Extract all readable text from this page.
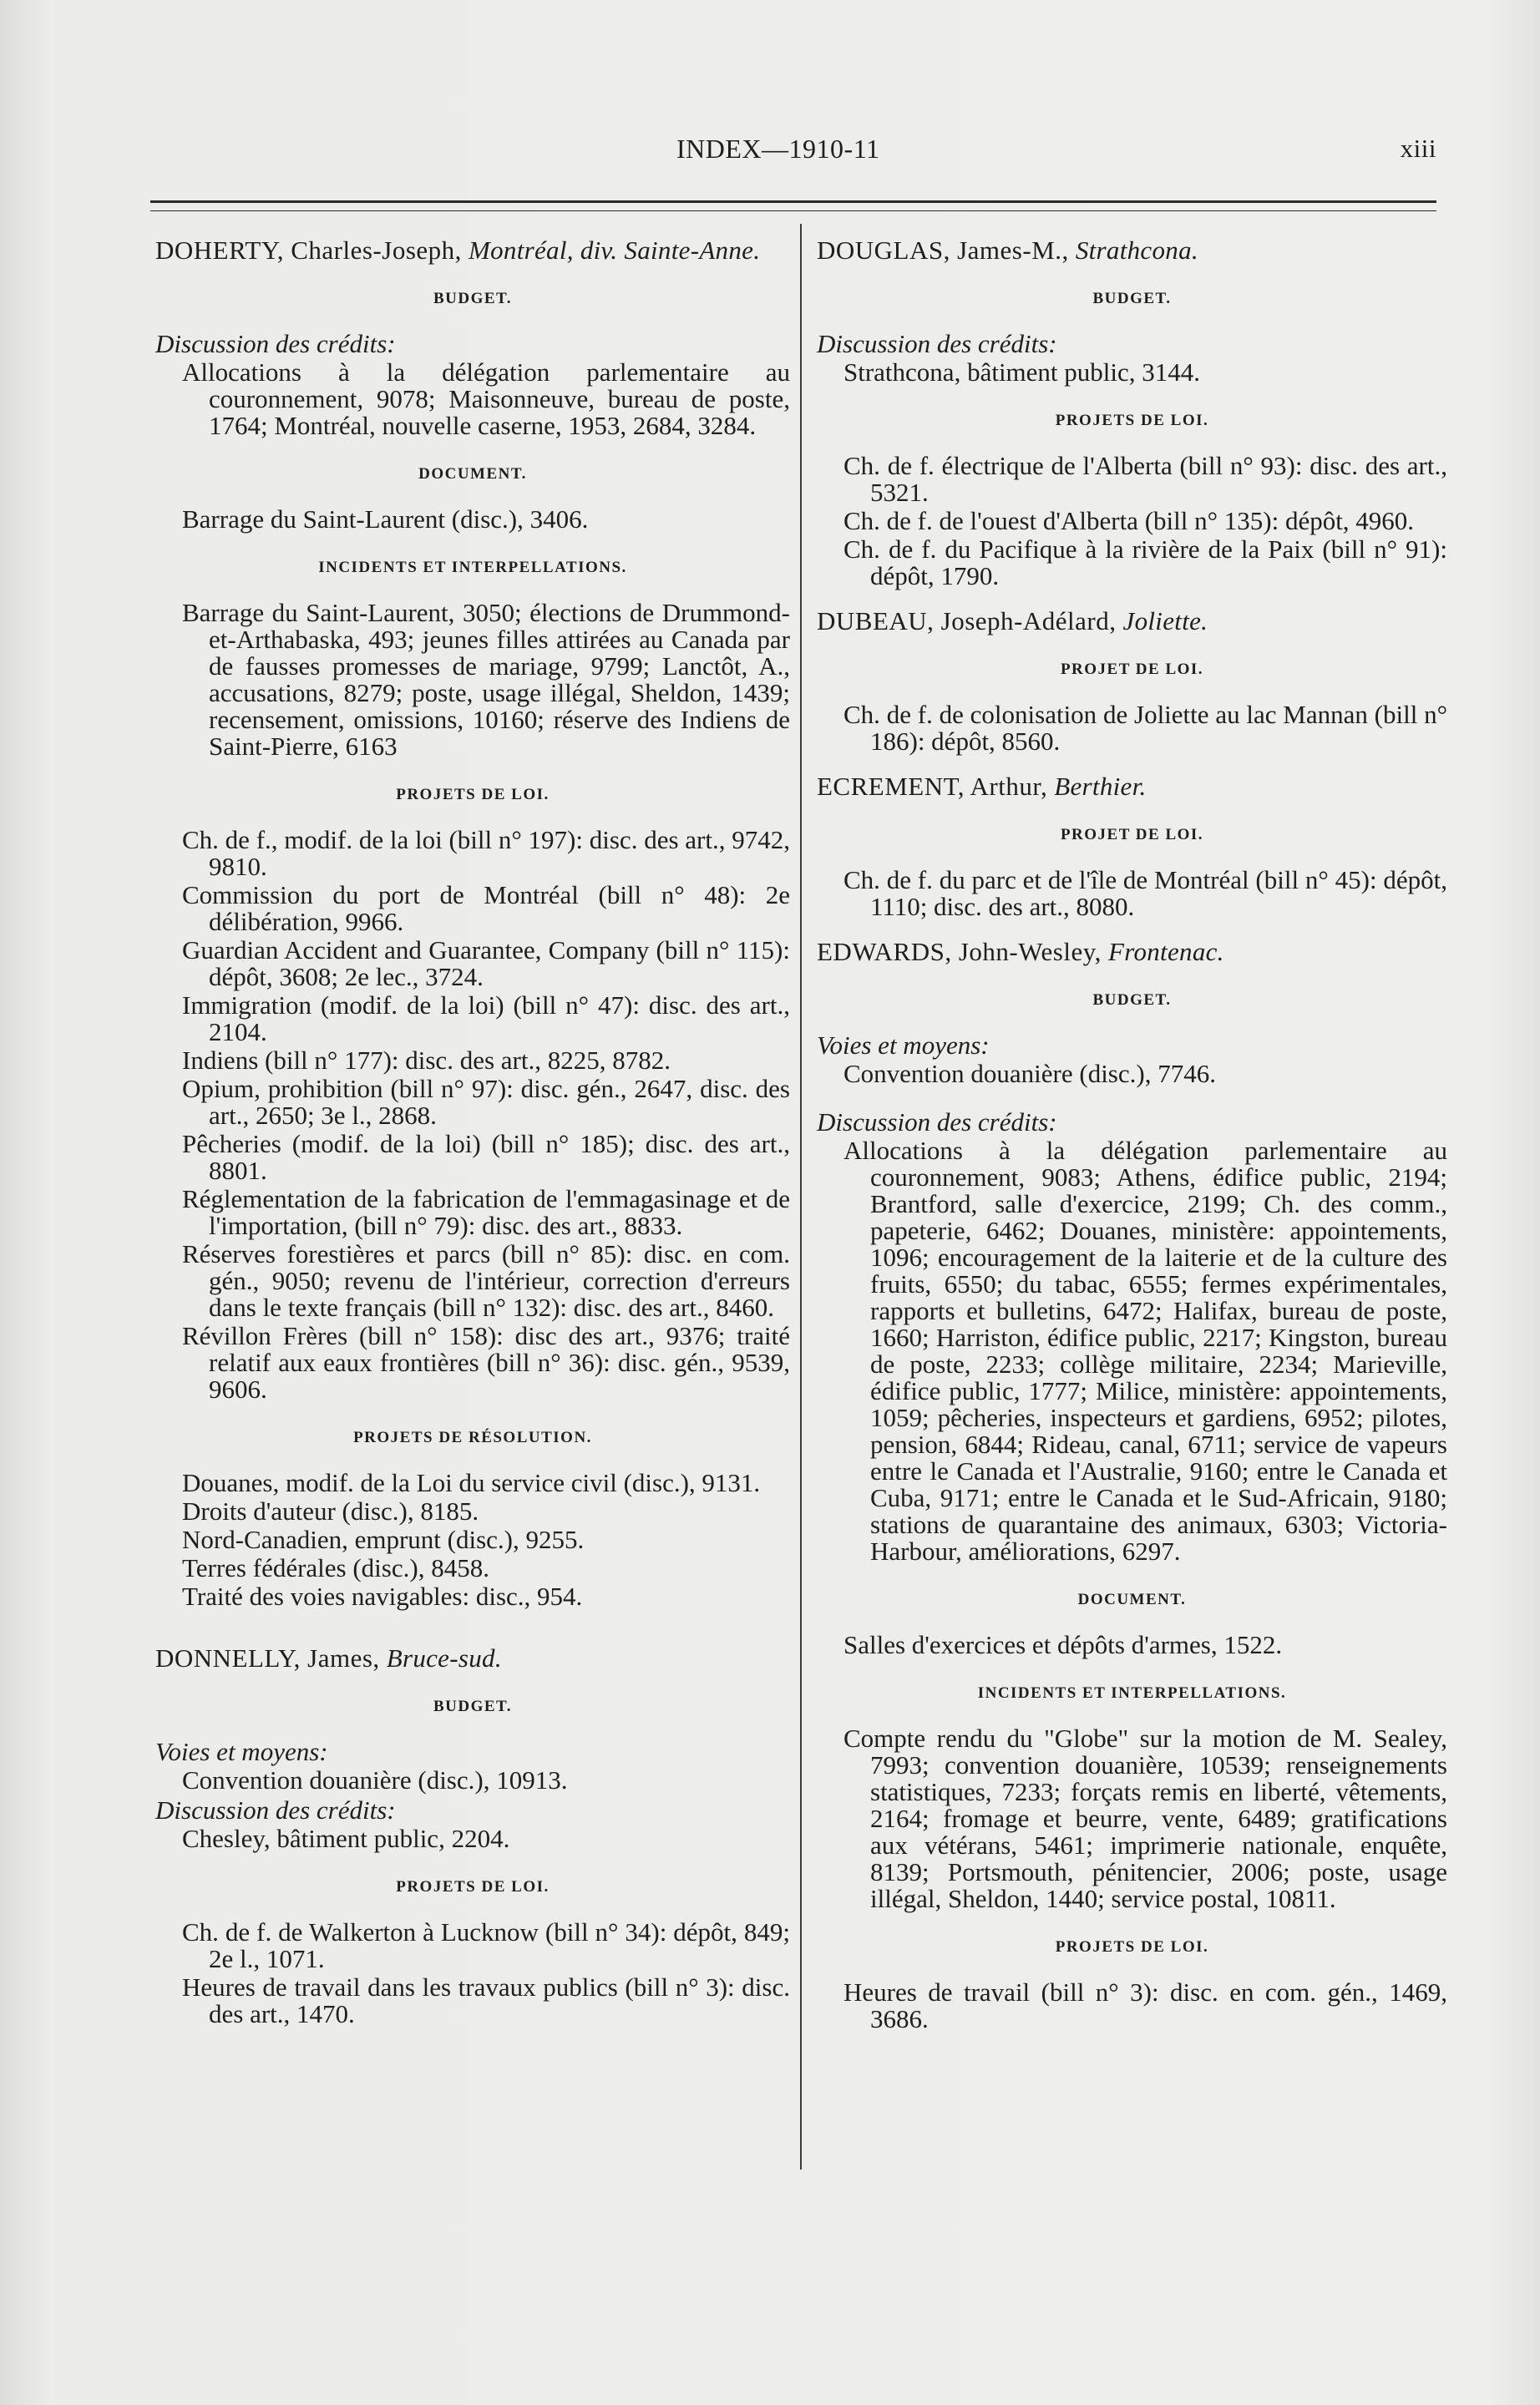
INDEX—1910-11	xiii
DOHERTY, Charles-Joseph, Montréal, div. Sainte-Anne.
BUDGET.
Discussion des crédits:
Allocations à la délégation parlementaire au couronnement, 9078; Maisonneuve, bureau de poste, 1764; Montréal, nouvelle caserne, 1953, 2684, 3284.
DOCUMENT.
Barrage du Saint-Laurent (disc.), 3406.
INCIDENTS ET INTERPELLATIONS.
Barrage du Saint-Laurent, 3050; élections de Drummond-et-Arthabaska, 493; jeunes filles attirées au Canada par de fausses promesses de mariage, 9799; Lanctôt, A., accusations, 8279; poste, usage illégal, Sheldon, 1439; recensement, omissions, 10160; réserve des Indiens de Saint-Pierre, 6163
PROJETS DE LOI.
Ch. de f., modif. de la loi (bill n° 197): disc. des art., 9742, 9810.
Commission du port de Montréal (bill n° 48): 2e délibération, 9966.
Guardian Accident and Guarantee, Company (bill n° 115): dépôt, 3608; 2e lec., 3724.
Immigration (modif. de la loi) (bill n° 47): disc. des art., 2104.
Indiens (bill n° 177): disc. des art., 8225, 8782.
Opium, prohibition (bill n° 97): disc. gén., 2647, disc. des art., 2650; 3e l., 2868.
Pêcheries (modif. de la loi) (bill n° 185); disc. des art., 8801.
Réglementation de la fabrication de l'emmagasinage et de l'importation, (bill n° 79): disc. des art., 8833.
Réserves forestières et parcs (bill n° 85): disc. en com. gén., 9050; revenu de l'intérieur, correction d'erreurs dans le texte français (bill n° 132): disc. des art., 8460.
Révillon Frères (bill n° 158): disc des art., 9376; traité relatif aux eaux frontières (bill n° 36): disc. gén., 9539, 9606.
PROJETS DE RÉSOLUTION.
Douanes, modif. de la Loi du service civil (disc.), 9131.
Droits d'auteur (disc.), 8185.
Nord-Canadien, emprunt (disc.), 9255.
Terres fédérales (disc.), 8458.
Traité des voies navigables: disc., 954.
DONNELLY, James, Bruce-sud.
BUDGET.
Voies et moyens:
Convention douanière (disc.), 10913.
Discussion des crédits:
Chesley, bâtiment public, 2204.
PROJETS DE LOI.
Ch. de f. de Walkerton à Lucknow (bill n° 34): dépôt, 849; 2e l., 1071.
Heures de travail dans les travaux publics (bill n° 3): disc. des art., 1470.
DOUGLAS, James-M., Strathcona.
BUDGET.
Discussion des crédits:
Strathcona, bâtiment public, 3144.
PROJETS DE LOI.
Ch. de f. électrique de l'Alberta (bill n° 93): disc. des art., 5321.
Ch. de f. de l'ouest d'Alberta (bill n° 135): dépôt, 4960.
Ch. de f. du Pacifique à la rivière de la Paix (bill n° 91): dépôt, 1790.
DUBEAU, Joseph-Adélard, Joliette.
PROJET DE LOI.
Ch. de f. de colonisation de Joliette au lac Mannan (bill n° 186): dépôt, 8560.
ECREMENT, Arthur, Berthier.
PROJET DE LOI.
Ch. de f. du parc et de l'île de Montréal (bill n° 45): dépôt, 1110; disc. des art., 8080.
EDWARDS, John-Wesley, Frontenac.
BUDGET.
Voies et moyens:
Convention douanière (disc.), 7746.
Discussion des crédits:
Allocations à la délégation parlementaire au couronnement, 9083; Athens, édifice public, 2194; Brantford, salle d'exercice, 2199; Ch. des comm., papeterie, 6462; Douanes, ministère: appointements, 1096; encouragement de la laiterie et de la culture des fruits, 6550; du tabac, 6555; fermes expérimentales, rapports et bulletins, 6472; Halifax, bureau de poste, 1660; Harriston, édifice public, 2217; Kingston, bureau de poste, 2233; collège militaire, 2234; Marieville, édifice public, 1777; Milice, ministère: appointements, 1059; pêcheries, inspecteurs et gardiens, 6952; pilotes, pension, 6844; Rideau, canal, 6711; service de vapeurs entre le Canada et l'Australie, 9160; entre le Canada et Cuba, 9171; entre le Canada et le Sud-Africain, 9180; stations de quarantaine des animaux, 6303; Victoria-Harbour, améliorations, 6297.
DOCUMENT.
Salles d'exercices et dépôts d'armes, 1522.
INCIDENTS ET INTERPELLATIONS.
Compte rendu du "Globe" sur la motion de M. Sealey, 7993; convention douanière, 10539; renseignements statistiques, 7233; forçats remis en liberté, vêtements, 2164; fromage et beurre, vente, 6489; gratifications aux vétérans, 5461; imprimerie nationale, enquête, 8139; Portsmouth, pénitencier, 2006; poste, usage illégal, Sheldon, 1440; service postal, 10811.
PROJETS DE LOI.
Heures de travail (bill n° 3): disc. en com. gén., 1469, 3686.
